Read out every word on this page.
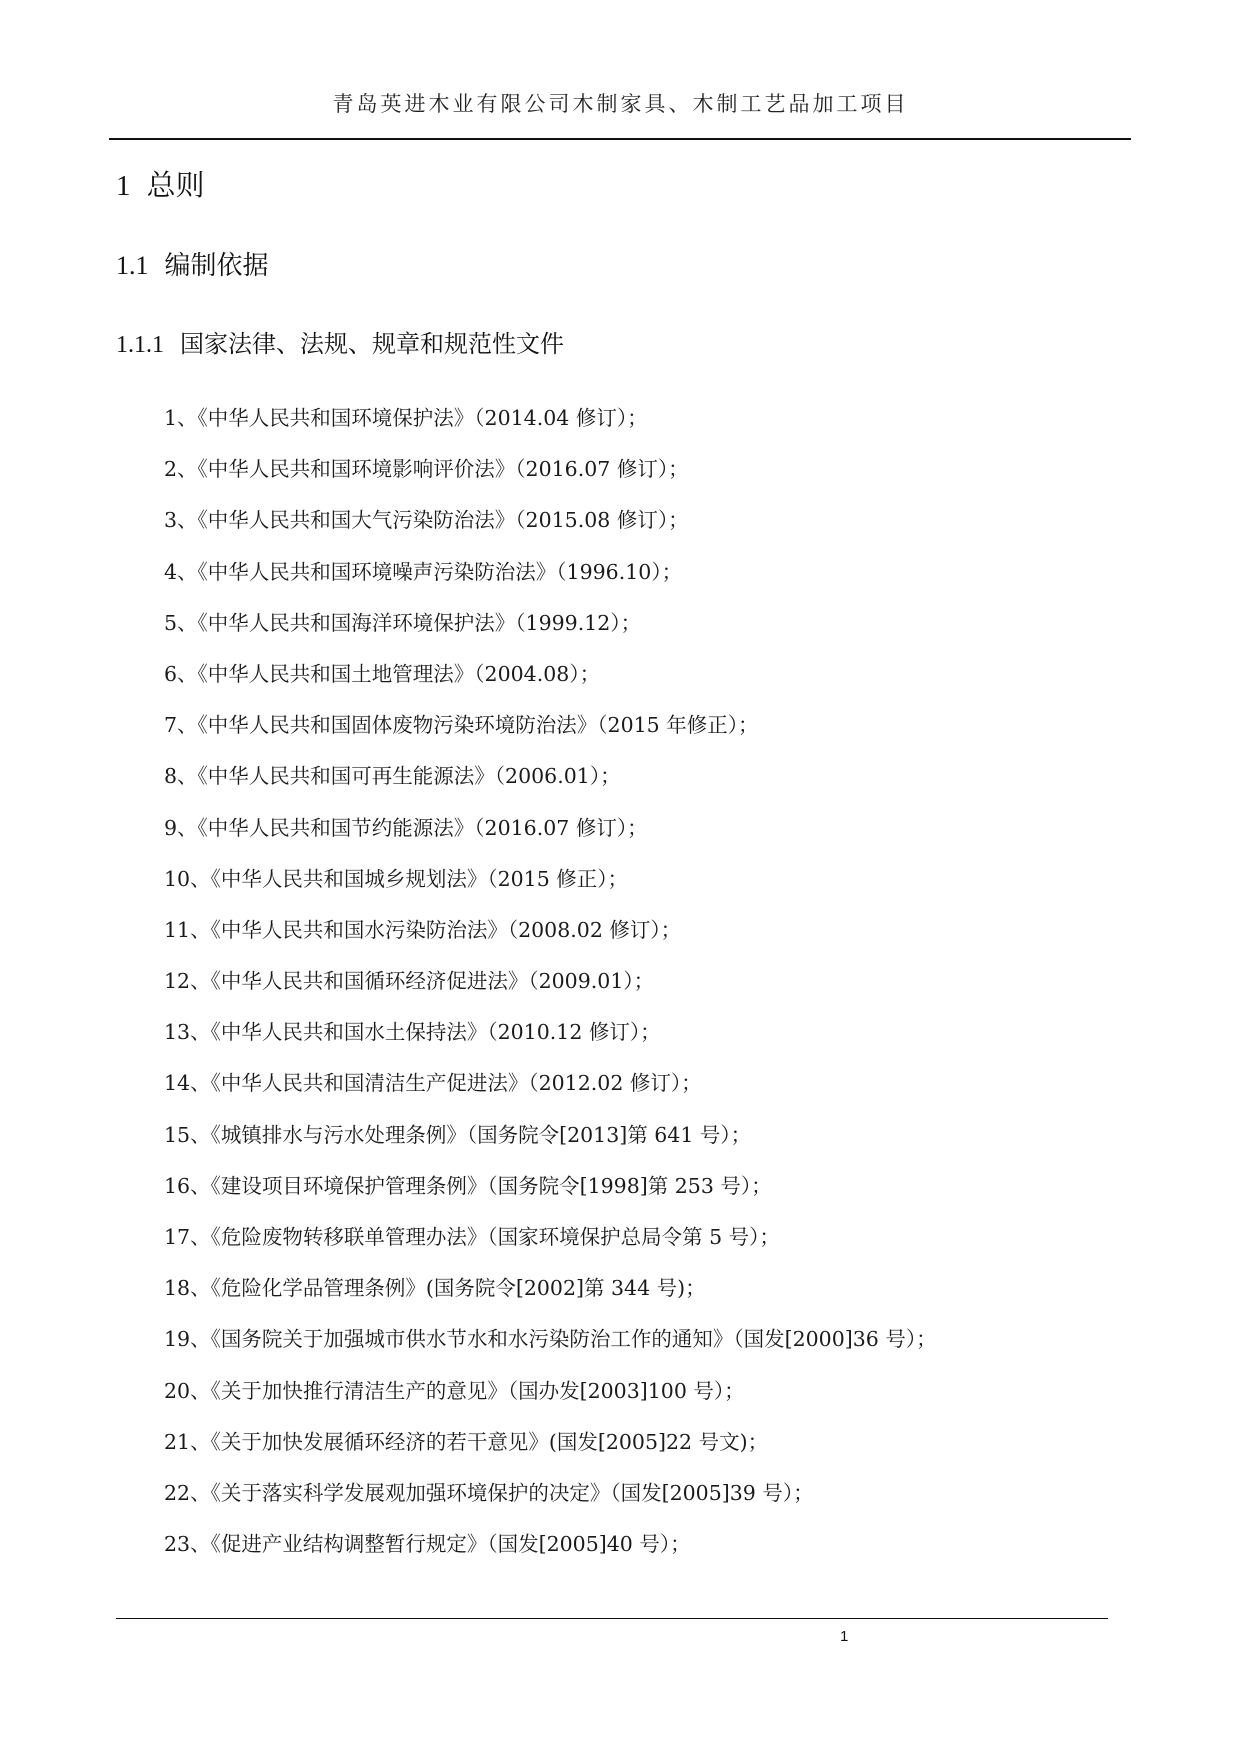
青岛英进木业有限公司木制家具、木制工艺品加工项目
1 总则
1.1 编制依据
1.1.1 国家法律、法规、规章和规范性文件
1、《中华人民共和国环境保护法》（2014.04 修订）；
2、《中华人民共和国环境影响评价法》（2016.07 修订）；
3、《中华人民共和国大气污染防治法》（2015.08 修订）；
4、《中华人民共和国环境噪声污染防治法》（1996.10）；
5、《中华人民共和国海洋环境保护法》（1999.12）；
6、《中华人民共和国土地管理法》（2004.08）；
7、《中华人民共和国固体废物污染环境防治法》（2015 年修正）；
8、《中华人民共和国可再生能源法》（2006.01）；
9、《中华人民共和国节约能源法》（2016.07 修订）；
10、《中华人民共和国城乡规划法》（2015 修正）；
11、《中华人民共和国水污染防治法》（2008.02 修订）；
12、《中华人民共和国循环经济促进法》（2009.01）；
13、《中华人民共和国水土保持法》（2010.12 修订）；
14、《中华人民共和国清洁生产促进法》（2012.02 修订）；
15、《城镇排水与污水处理条例》（国务院令[2013]第 641 号）；
16、《建设项目环境保护管理条例》（国务院令[1998]第 253 号）；
17、《危险废物转移联单管理办法》（国家环境保护总局令第 5 号）；
18、《危险化学品管理条例》(国务院令[2002]第 344 号)；
19、《国务院关于加强城市供水节水和水污染防治工作的通知》（国发[2000]36 号）；
20、《关于加快推行清洁生产的意见》（国办发[2003]100 号）；
21、《关于加快发展循环经济的若干意见》(国发[2005]22 号文)；
22、《关于落实科学发展观加强环境保护的决定》（国发[2005]39 号）；
23、《促进产业结构调整暂行规定》（国发[2005]40 号）；
1
